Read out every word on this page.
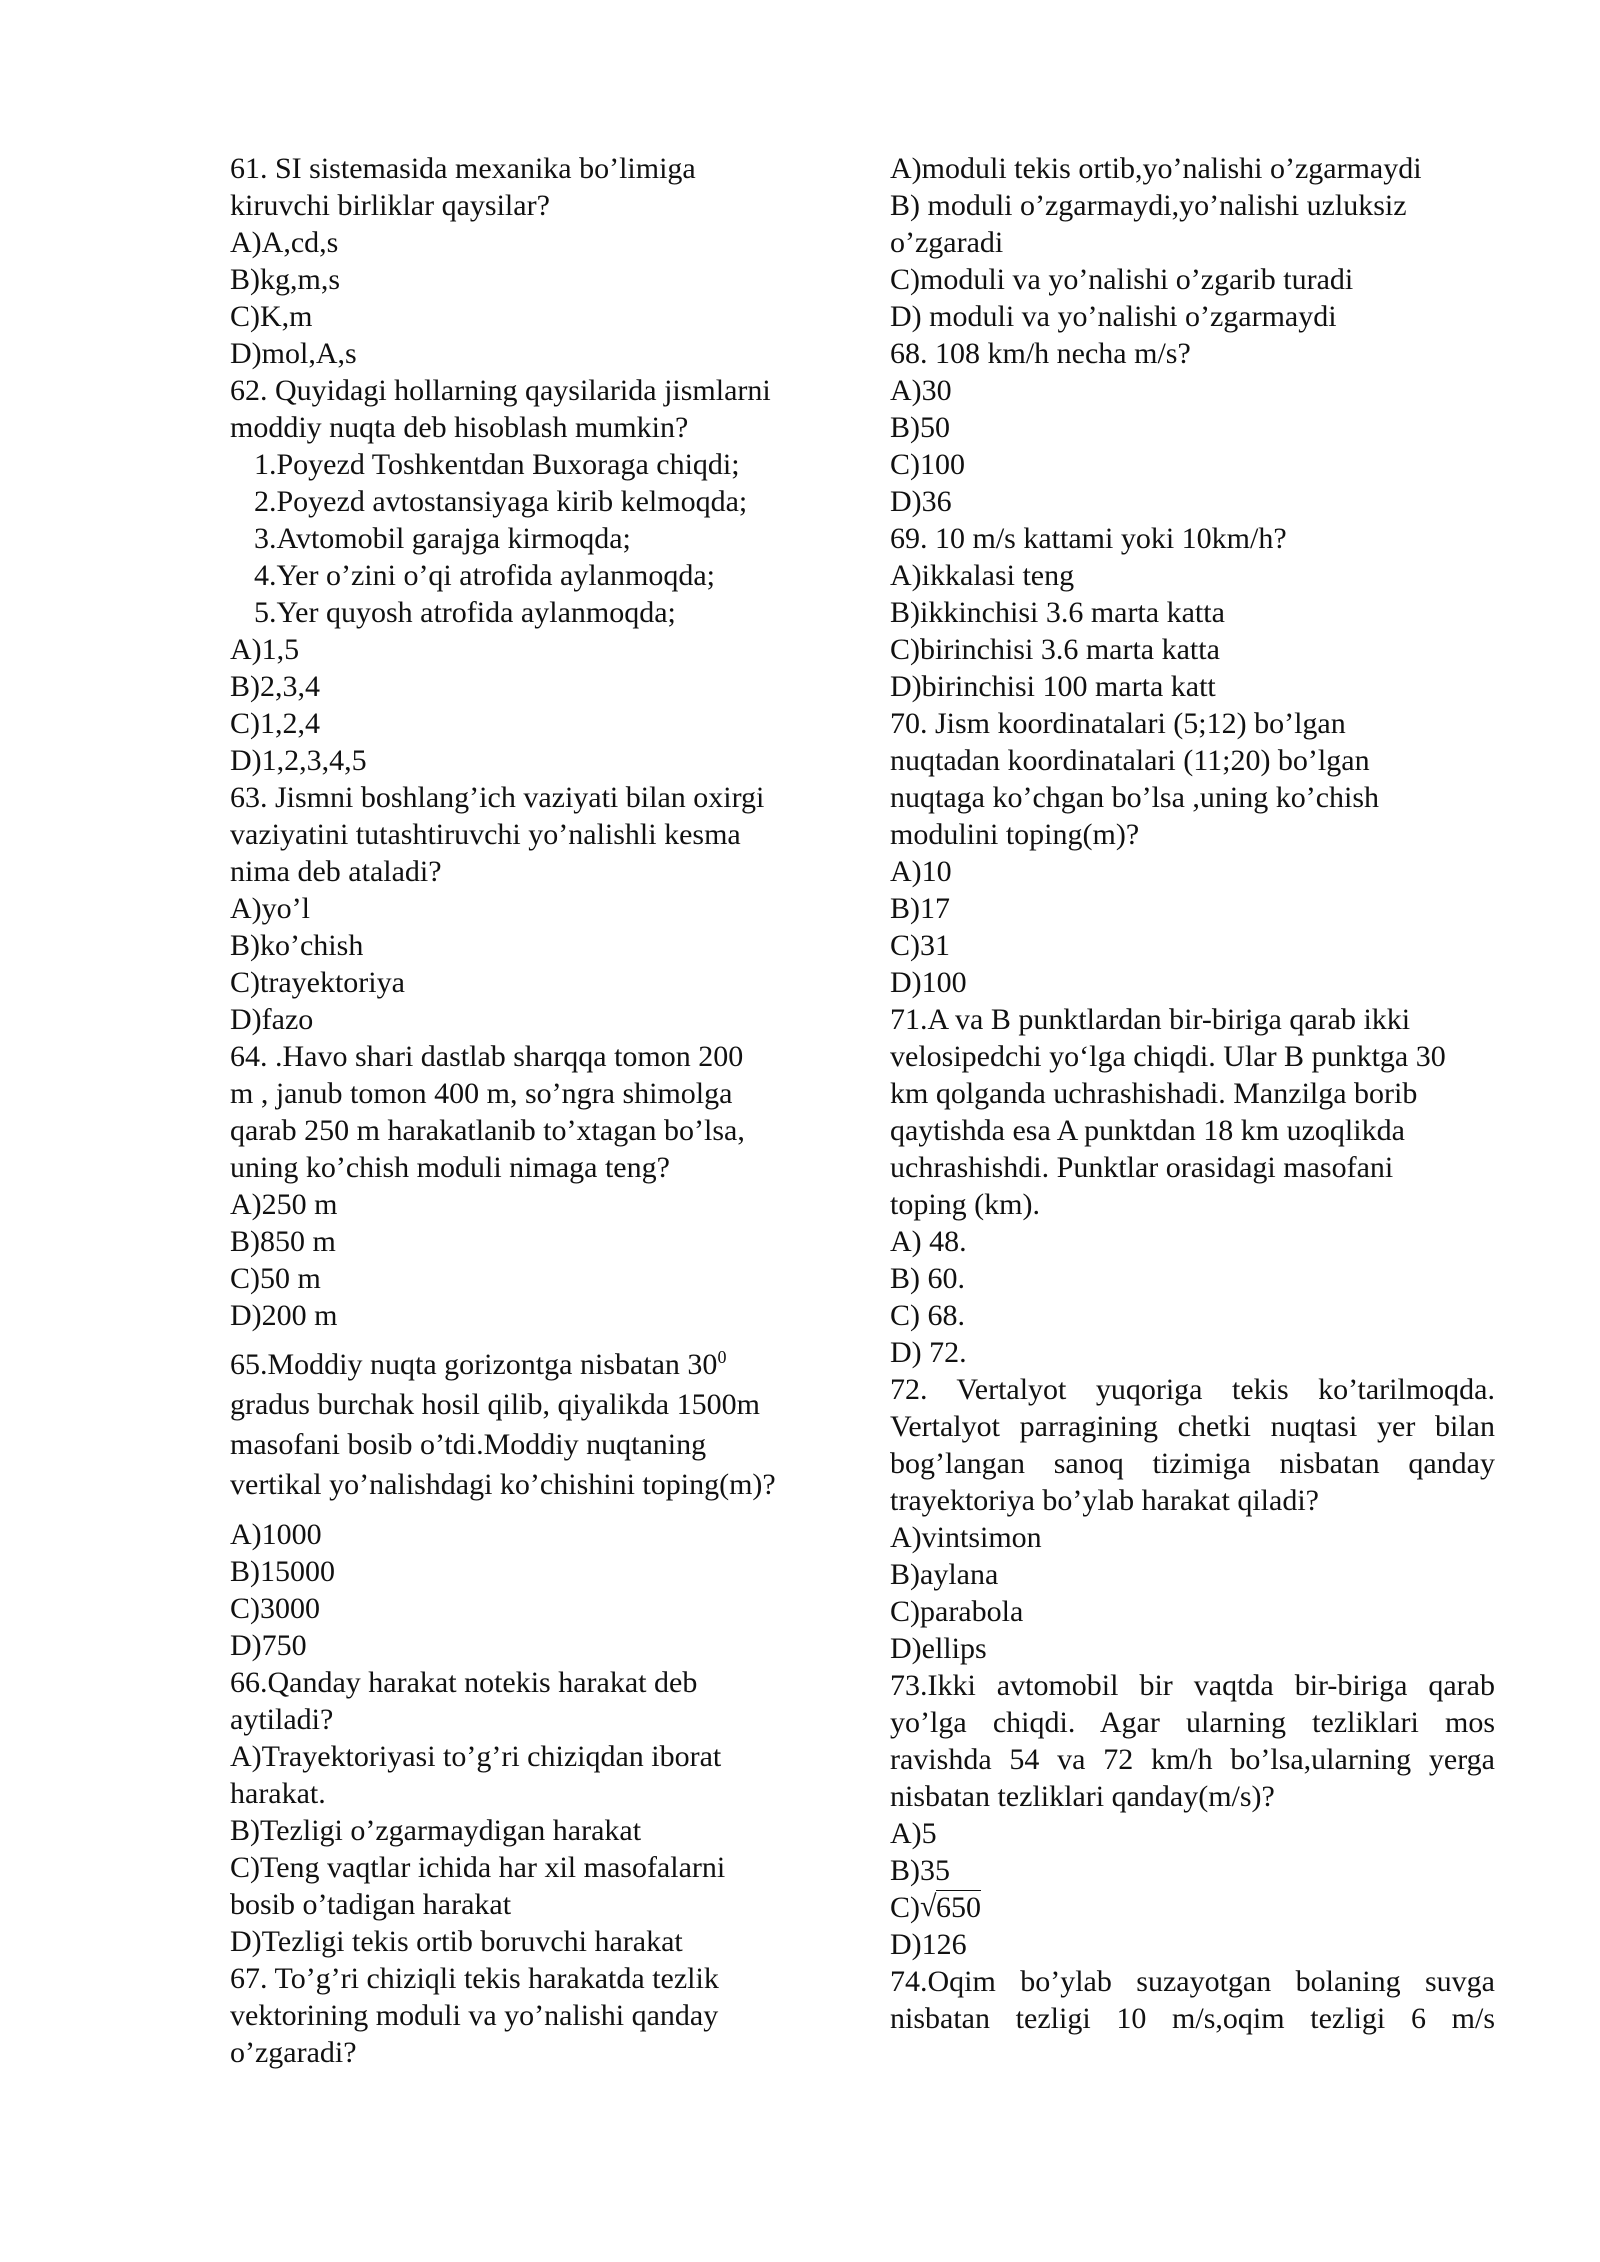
61. SI sistemasida mexanika bo’limiga
kiruvchi birliklar qaysilar?
A)A,cd,s
B)kg,m,s
C)K,m
D)mol,A,s
62. Quyidagi hollarning qaysilarida jismlarni
moddiy nuqta deb hisoblash mumkin?
1.Poyezd Toshkentdan Buxoraga chiqdi;
2.Poyezd avtostansiyaga kirib kelmoqda;
3.Avtomobil garajga kirmoqda;
4.Yer o’zini o’qi atrofida aylanmoqda;
5.Yer quyosh atrofida aylanmoqda;
A)1,5
B)2,3,4
C)1,2,4
D)1,2,3,4,5
63. Jismni boshlang’ich vaziyati bilan oxirgi
vaziyatini tutashtiruvchi yo’nalishli kesma
nima deb ataladi?
A)yo’l
B)ko’chish
C)trayektoriya
D)fazo
64. .Havo shari dastlab sharqqa tomon 200
m , janub tomon 400 m, so’ngra shimolga
qarab 250 m harakatlanib to’xtagan bo’lsa,
uning ko’chish moduli nimaga teng?
A)250 m
B)850 m
C)50 m
D)200 m
65.Moddiy nuqta gorizontga nisbatan $30^0$
gradus burchak hosil qilib, qiyalikda 1500m
masofani bosib o’tdi.Moddiy nuqtaning
vertikal yo’nalishdagi ko’chishini toping(m)?
A)1000
B)15000
C)3000
D)750
66.Qanday harakat notekis harakat deb
aytiladi?
A)Trayektoriyasi to’g’ri chiziqdan iborat
harakat.
B)Tezligi o’zgarmaydigan harakat
C)Teng vaqtlar ichida har xil masofalarni
bosib o’tadigan harakat
D)Tezligi tekis ortib boruvchi harakat
67. To’g’ri chiziqli tekis harakatda tezlik
vektorining moduli va yo’nalishi qanday
o’zgaradi?
A)moduli tekis ortib,yo’nalishi o’zgarmaydi
B) moduli o’zgarmaydi,yo’nalishi uzluksiz
o’zgaradi
C)moduli va yo’nalishi o’zgarib turadi
D) moduli va yo’nalishi o’zgarmaydi
68. 108 km/h necha m/s?
A)30
B)50
C)100
D)36
69. 10 m/s kattami yoki 10km/h?
A)ikkalasi teng
B)ikkinchisi 3.6 marta katta
C)birinchisi 3.6 marta katta
D)birinchisi 100 marta katt
70. Jism koordinatalari (5;12) bo’lgan
nuqtadan koordinatalari (11;20) bo’lgan
nuqtaga ko’chgan bo’lsa ,uning ko’chish
modulini toping(m)?
A)10
B)17
C)31
D)100
71.A va B punktlardan bir-biriga qarab ikki
velosipedchi yo‘lga chiqdi. Ular B punktga 30
km qolganda uchrashishadi. Manzilga borib
qaytishda esa A punktdan 18 km uzoqlikda
uchrashishdi. Punktlar orasidagi masofani
toping (km).
A) 48.
B) 60.
C) 68.
D) 72.
72. Vertalyot yuqoriga tekis ko’tarilmoqda.
Vertalyot parragining chetki nuqtasi yer bilan
bog’langan sanoq tizimiga nisbatan qanday
trayektoriya bo’ylab harakat qiladi?
A)vintsimon
B)aylana
C)parabola
D)ellips
73.Ikki avtomobil bir vaqtda bir-biriga qarab
yo’lga chiqdi. Agar ularning tezliklari mos
ravishda 54 va 72 km/h bo’lsa,ularning yerga
nisbatan tezliklari qanday(m/s)?
A)5
B)35
C) √ 650
D)126
74.Oqim bo’ylab suzayotgan bolaning suvga
nisbatan tezligi 10 m/s,oqim tezligi 6 m/s
